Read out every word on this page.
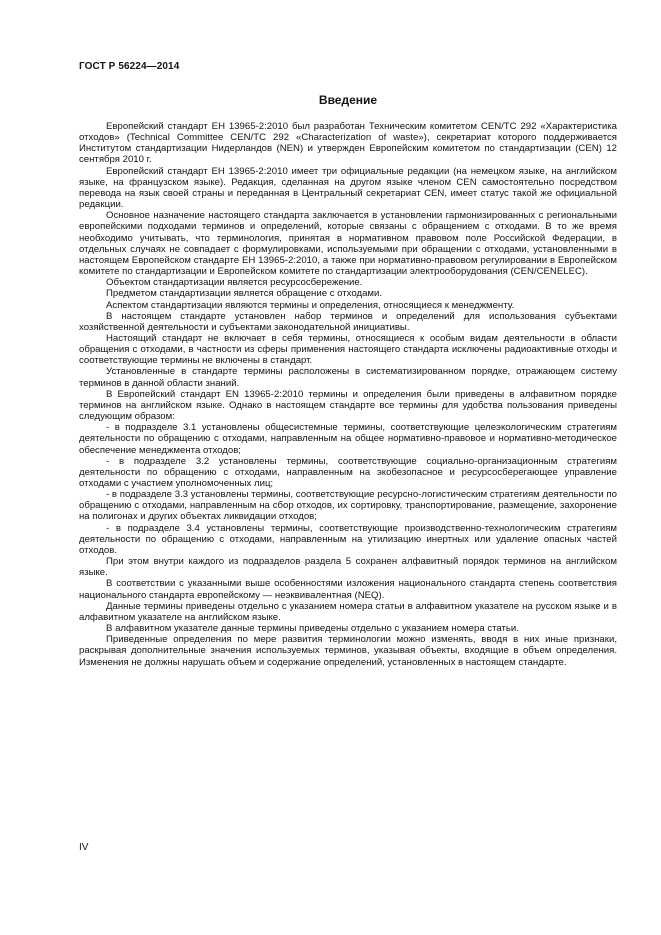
ГОСТ Р 56224—2014
Введение

Европейский стандарт ЕН 13965-2:2010 был разработан Техническим комитетом CEN/TC 292 «Характеристика отходов» (Technical Committee CEN/TC 292 «Characterization of waste»), секретариат которого поддерживается Институтом стандартизации Нидерландов (NEN) и утвержден Европейским комитетом по стандартизации (CEN) 12 сентября 2010 г.

Европейский стандарт ЕН 13965-2:2010 имеет три официальные редакции (на немецком языке, на английском языке, на французском языке). Редакция, сделанная на другом языке членом CEN самостоятельно посредством перевода на язык своей страны и переданная в Центральный секретариат CEN, имеет статус такой же официальной редакции.

Основное назначение настоящего стандарта заключается в установлении гармонизированных с региональными европейскими подходами терминов и определений, которые связаны с обращением с отходами. В то же время необходимо учитывать, что терминология, принятая в нормативном правовом поле Российской Федерации, в отдельных случаях не совпадает с формулировками, используемыми при обращении с отходами, установленными в настоящем Европейском стандарте ЕН 13965-2:2010, а также при нормативно-правовом регулировании в Европейском комитете по стандартизации и Европейском комитете по стандартизации электрооборудования (CEN/CENELEC).

Объектом стандартизации является ресурсосбережение.

Предметом стандартизации является обращение с отходами.

Аспектом стандартизации являются термины и определения, относящиеся к менеджменту.

В настоящем стандарте установлен набор терминов и определений для использования субъектами хозяйственной деятельности и субъектами законодательной инициативы.

Настоящий стандарт не включает в себя термины, относящиеся к особым видам деятельности в области обращения с отходами, в частности из сферы применения настоящего стандарта исключены радиоактивные отходы и соответствующие термины не включены в стандарт.

Установленные в стандарте термины расположены в систематизированном порядке, отражающем систему терминов в данной области знаний.

В Европейский стандарт EN 13965-2:2010 термины и определения были приведены в алфавитном порядке терминов на английском языке. Однако в настоящем стандарте все термины для удобства пользования приведены следующим образом:

- в подразделе 3.1 установлены общесистемные термины, соответствующие целеэкологическим стратегиям деятельности по обращению с отходами, направленным на общее нормативно-правовое и нормативно-методическое обеспечение менеджмента отходов;

- в подразделе 3.2 установлены термины, соответствующие социально-организационным стратегиям деятельности по обращению с отходами, направленным на экобезопасное и ресурсосберегающее управление отходами с участием уполномоченных лиц;

- в подразделе 3.3 установлены термины, соответствующие ресурсно-логистическим стратегиям деятельности по обращению с отходами, направленным на сбор отходов, их сортировку, транспортирование, размещение, захоронение на полигонах и других объектах ликвидации отходов;

- в подразделе 3.4 установлены термины, соответствующие производственно-технологическим стратегиям деятельности по обращению с отходами, направленным на утилизацию инертных или удаление опасных частей отходов.

При этом внутри каждого из подразделов раздела 5 сохранен алфавитный порядок терминов на английском языке.

В соответствии с указанными выше особенностями изложения национального стандарта степень соответствия национального стандарта европейскому — неэквивалентная (NEQ).

Данные термины приведены отдельно с указанием номера статьи в алфавитном указателе на русском языке и в алфавитном указателе на английском языке.

В алфавитном указателе данные термины приведены отдельно с указанием номера статьи.

Приведенные определения по мере развития терминологии можно изменять, вводя в них иные признаки, раскрывая дополнительные значения используемых терминов, указывая объекты, входящие в объем определения. Изменения не должны нарушать объем и содержание определений, установленных в настоящем стандарте.

IV
